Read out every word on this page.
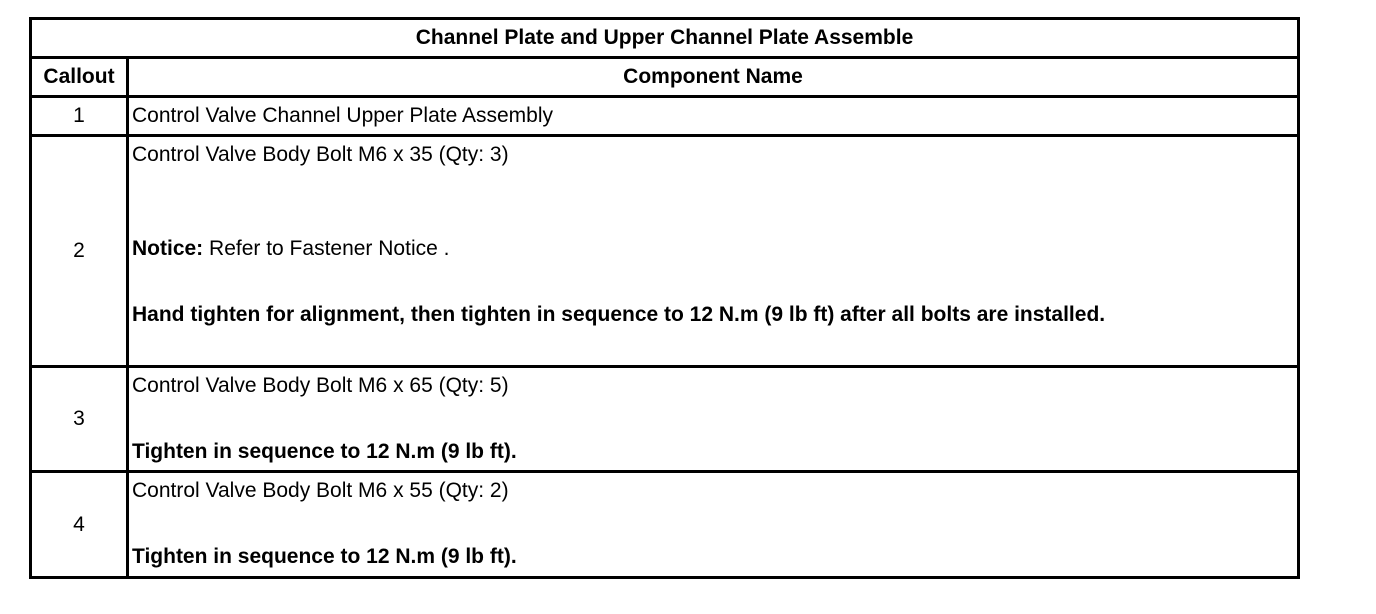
Channel Plate and Upper Channel Plate Assemble	
Callout	Component Name
1	Control Valve Channel Upper Plate Assembly

2	Control Valve Body Bolt M6 x 35 (Qty: 3)
Notice: Refer to Fastener Notice .
Hand tighten for alignment, then tighten in sequence to 12 N.m (9 lb ft) after all bolts are installed.

3	Control Valve Body Bolt M6 x 65 (Qty: 5)
Tighten in sequence to 12 N.m (9 lb ft).

4	Control Valve Body Bolt M6 x 55 (Qty: 2)
Tighten in sequence to 12 N.m (9 lb ft).
